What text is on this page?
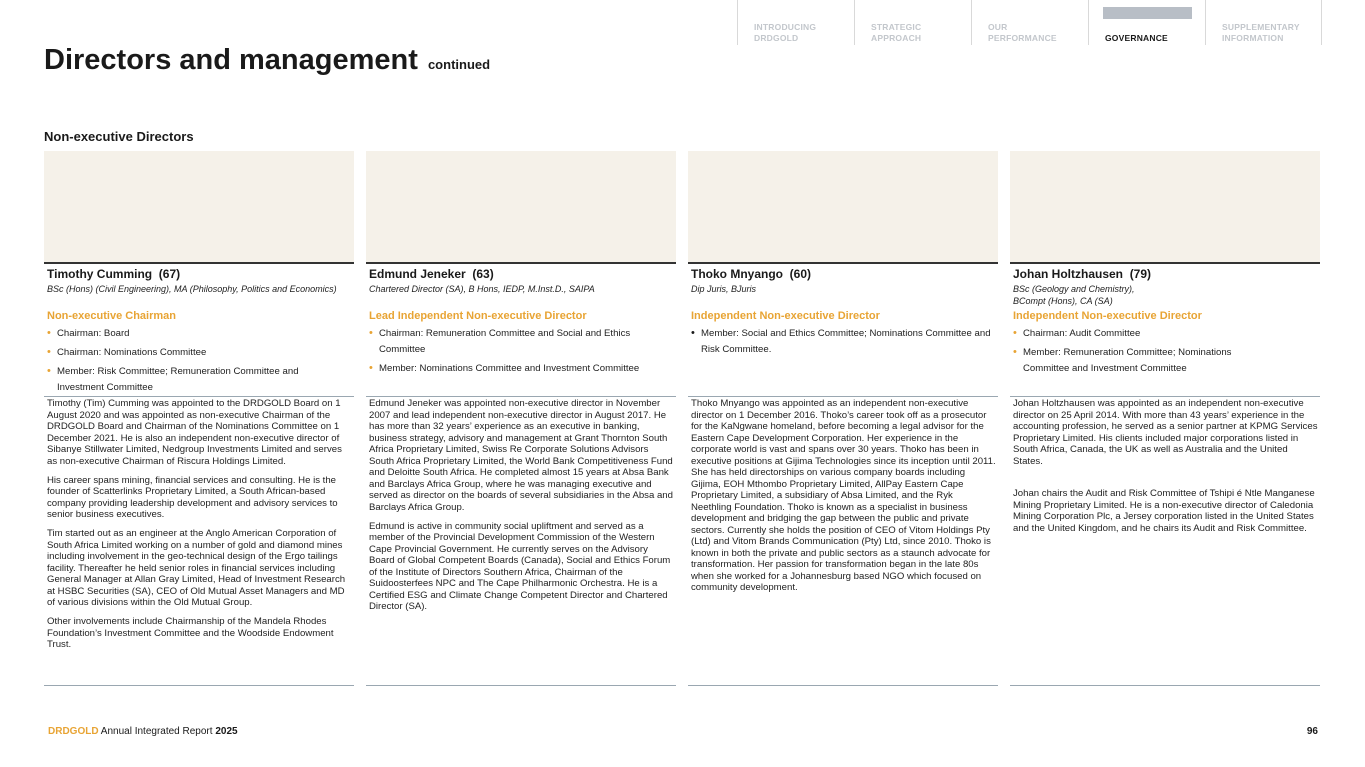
INTRODUCING
DRDGOLD
STRATEGIC
APPROACH
OUR
PERFORMANCE	GOVERNANCE
SUPPLEMENTARY
INFORMATION
Directors and management continued
Non-executive Directors
Timothy Cumming (67)
BSc (Hons) (Civil Engineering), MA (Philosophy, Politics and Economics)
Non-executive Chairman
• Chairman: Board
• Chairman: Nominations Committee
• Member: Risk Committee; Remuneration Committee and Investment Committee

Timothy (Tim) Cumming was appointed to the DRDGOLD Board on 1 August 2020 and was appointed as non-executive Chairman of the DRDGOLD Board and Chairman of the Nominations Committee on 1 December 2021. He is also an independent non-executive director of Sibanye Stillwater Limited, Nedgroup Investments Limited and serves as non-executive Chairman of Riscura Holdings Limited.

His career spans mining, financial services and consulting. He is the founder of Scatterlinks Proprietary Limited, a South African-based company providing leadership development and advisory services to senior business executives.

Tim started out as an engineer at the Anglo American Corporation of South Africa Limited working on a number of gold and diamond mines including involvement in the geo-technical design of the Ergo tailings facility. Thereafter he held senior roles in financial services including General Manager at Allan Gray Limited, Head of Investment Research at HSBC Securities (SA), CEO of Old Mutual Asset Managers and MD of various divisions within the Old Mutual Group.

Other involvements include Chairmanship of the Mandela Rhodes Foundation’s Investment Committee and the Woodside Endowment Trust.

Edmund Jeneker (63)
Chartered Director (SA), B Hons, IEDP, M.Inst.D., SAIPA
Lead Independent Non-executive Director
• Chairman: Remuneration Committee and Social and Ethics Committee
• Member: Nominations Committee and Investment Committee

Edmund Jeneker was appointed non-executive director in November 2007 and lead independent non-executive director in August 2017. He has more than 32 years’ experience as an executive in banking, business strategy, advisory and management at Grant Thornton South Africa Proprietary Limited, Swiss Re Corporate Solutions Advisors South Africa Proprietary Limited, the World Bank Competitiveness Fund and Deloitte South Africa. He completed almost 15 years at Absa Bank and Barclays Africa Group, where he was managing executive and served as director on the boards of several subsidiaries in the Absa and Barclays Africa Group.

Edmund is active in community social upliftment and served as a member of the Provincial Development Commission of the Western Cape Provincial Government. He currently serves on the Advisory Board of Global Competent Boards (Canada), Social and Ethics Forum of the Institute of Directors Southern Africa, Chairman of the Suidoosterfees NPC and The Cape Philharmonic Orchestra. He is a Certified ESG and Climate Change Competent Director and Chartered Director (SA).

Thoko Mnyango (60)
Dip Juris, BJuris
Independent Non-executive Director
• Member: Social and Ethics Committee; Nominations Committee and Risk Committee.

Thoko Mnyango was appointed as an independent non-executive director on 1 December 2016. Thoko’s career took off as a prosecutor for the KaNgwane homeland, before becoming a legal advisor for the Eastern Cape Development Corporation. Her experience in the corporate world is vast and spans over 30 years. Thoko has been in executive positions at Gijima Technologies since its inception until 2011. She has held directorships on various company boards including Gijima, EOH Mthombo Proprietary Limited, AllPay Eastern Cape Proprietary Limited, a subsidiary of Absa Limited, and the Ryk Neethling Foundation. Thoko is known as a specialist in business development and bridging the gap between the public and private sectors. Currently she holds the position of CEO of Vitom Holdings Pty (Ltd) and Vitom Brands Communication (Pty) Ltd, since 2010. Thoko is known in both the private and public sectors as a staunch advocate for transformation. Her passion for transformation began in the late 80s when she worked for a Johannesburg based NGO which focused on community development.

Johan Holtzhausen (79)
BSc (Geology and Chemistry), BCompt (Hons), CA (SA)
Independent Non-executive Director
• Chairman: Audit Committee
• Member: Remuneration Committee; Nominations Committee and Investment Committee

Johan Holtzhausen was appointed as an independent non-executive director on 25 April 2014. With more than 43 years’ experience in the accounting profession, he served as a senior partner at KPMG Services Proprietary Limited. His clients included major corporations listed in South Africa, Canada, the UK as well as Australia and the United States.

Johan chairs the Audit and Risk Committee of Tshipi é Ntle Manganese Mining Proprietary Limited. He is a non-executive director of Caledonia Mining Corporation Plc, a Jersey corporation listed in the United States and the United Kingdom, and he chairs its Audit and Risk Committee.

DRDGOLD Annual Integrated Report 2025	96
